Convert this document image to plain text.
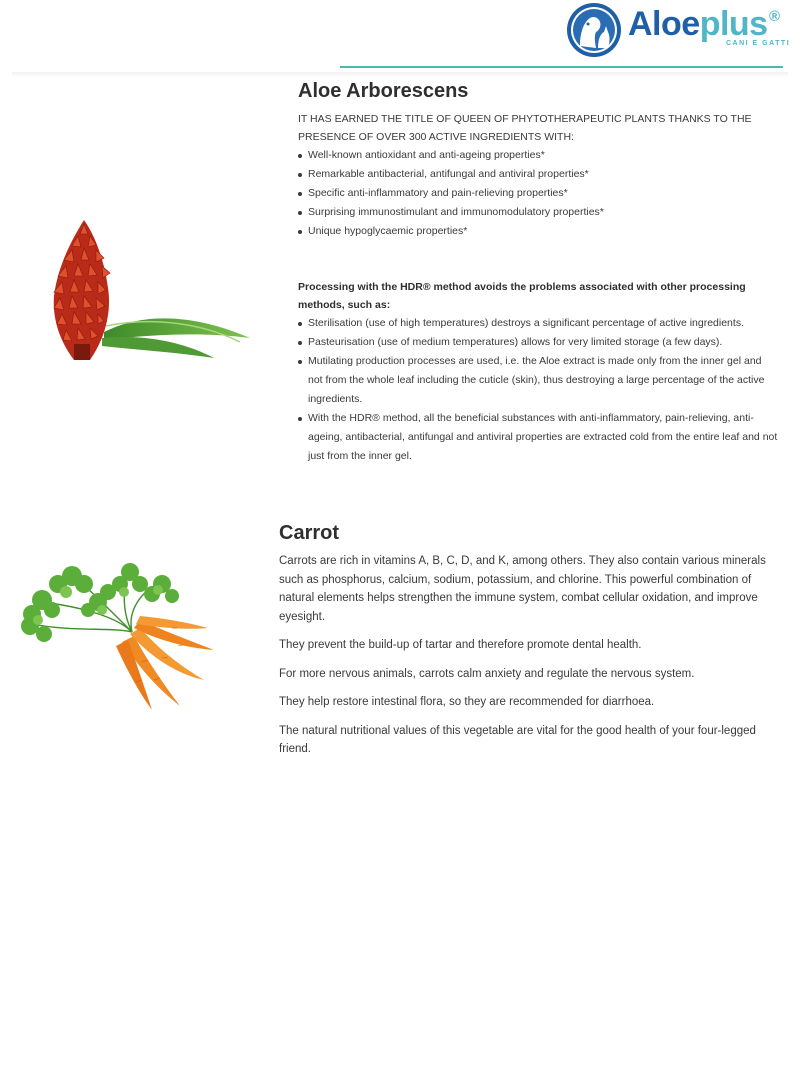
Aloeplus ®
CANI E GATTI
Aloe Arborescens

IT HAS EARNED THE TITLE OF QUEEN OF PHYTOTHERAPEUTIC PLANTS THANKS TO THE PRESENCE OF OVER 300 ACTIVE INGREDIENTS WITH:

Well-known antioxidant and anti-ageing properties*
Remarkable antibacterial, antifungal and antiviral properties*
Specific anti-inflammatory and pain-relieving properties*
Surprising immunostimulant and immunomodulatory properties*
Unique hypoglycaemic properties*

Processing with the HDR® method avoids the problems associated with other processing methods, such as:

Sterilisation (use of high temperatures) destroys a significant percentage of active ingredients.
Pasteurisation (use of medium temperatures) allows for very limited storage (a few days).
Mutilating production processes are used, i.e. the Aloe extract is made only from the inner gel and not from the whole leaf including the cuticle (skin), thus destroying a large percentage of the active ingredients.
With the HDR® method, all the beneficial substances with anti-inflammatory, pain-relieving, anti-ageing, antibacterial, antifungal and antiviral properties are extracted cold from the entire leaf and not just from the inner gel.
Carrot

Carrots are rich in vitamins A, B, C, D, and K, among others. They also contain various minerals such as phosphorus, calcium, sodium, potassium, and chlorine. This powerful combination of natural elements helps strengthen the immune system, combat cellular oxidation, and improve eyesight.

They prevent the build-up of tartar and therefore promote dental health.

For more nervous animals, carrots calm anxiety and regulate the nervous system.

They help restore intestinal flora, so they are recommended for diarrhoea.

The natural nutritional values of this vegetable are vital for the good health of your four-legged friend.
